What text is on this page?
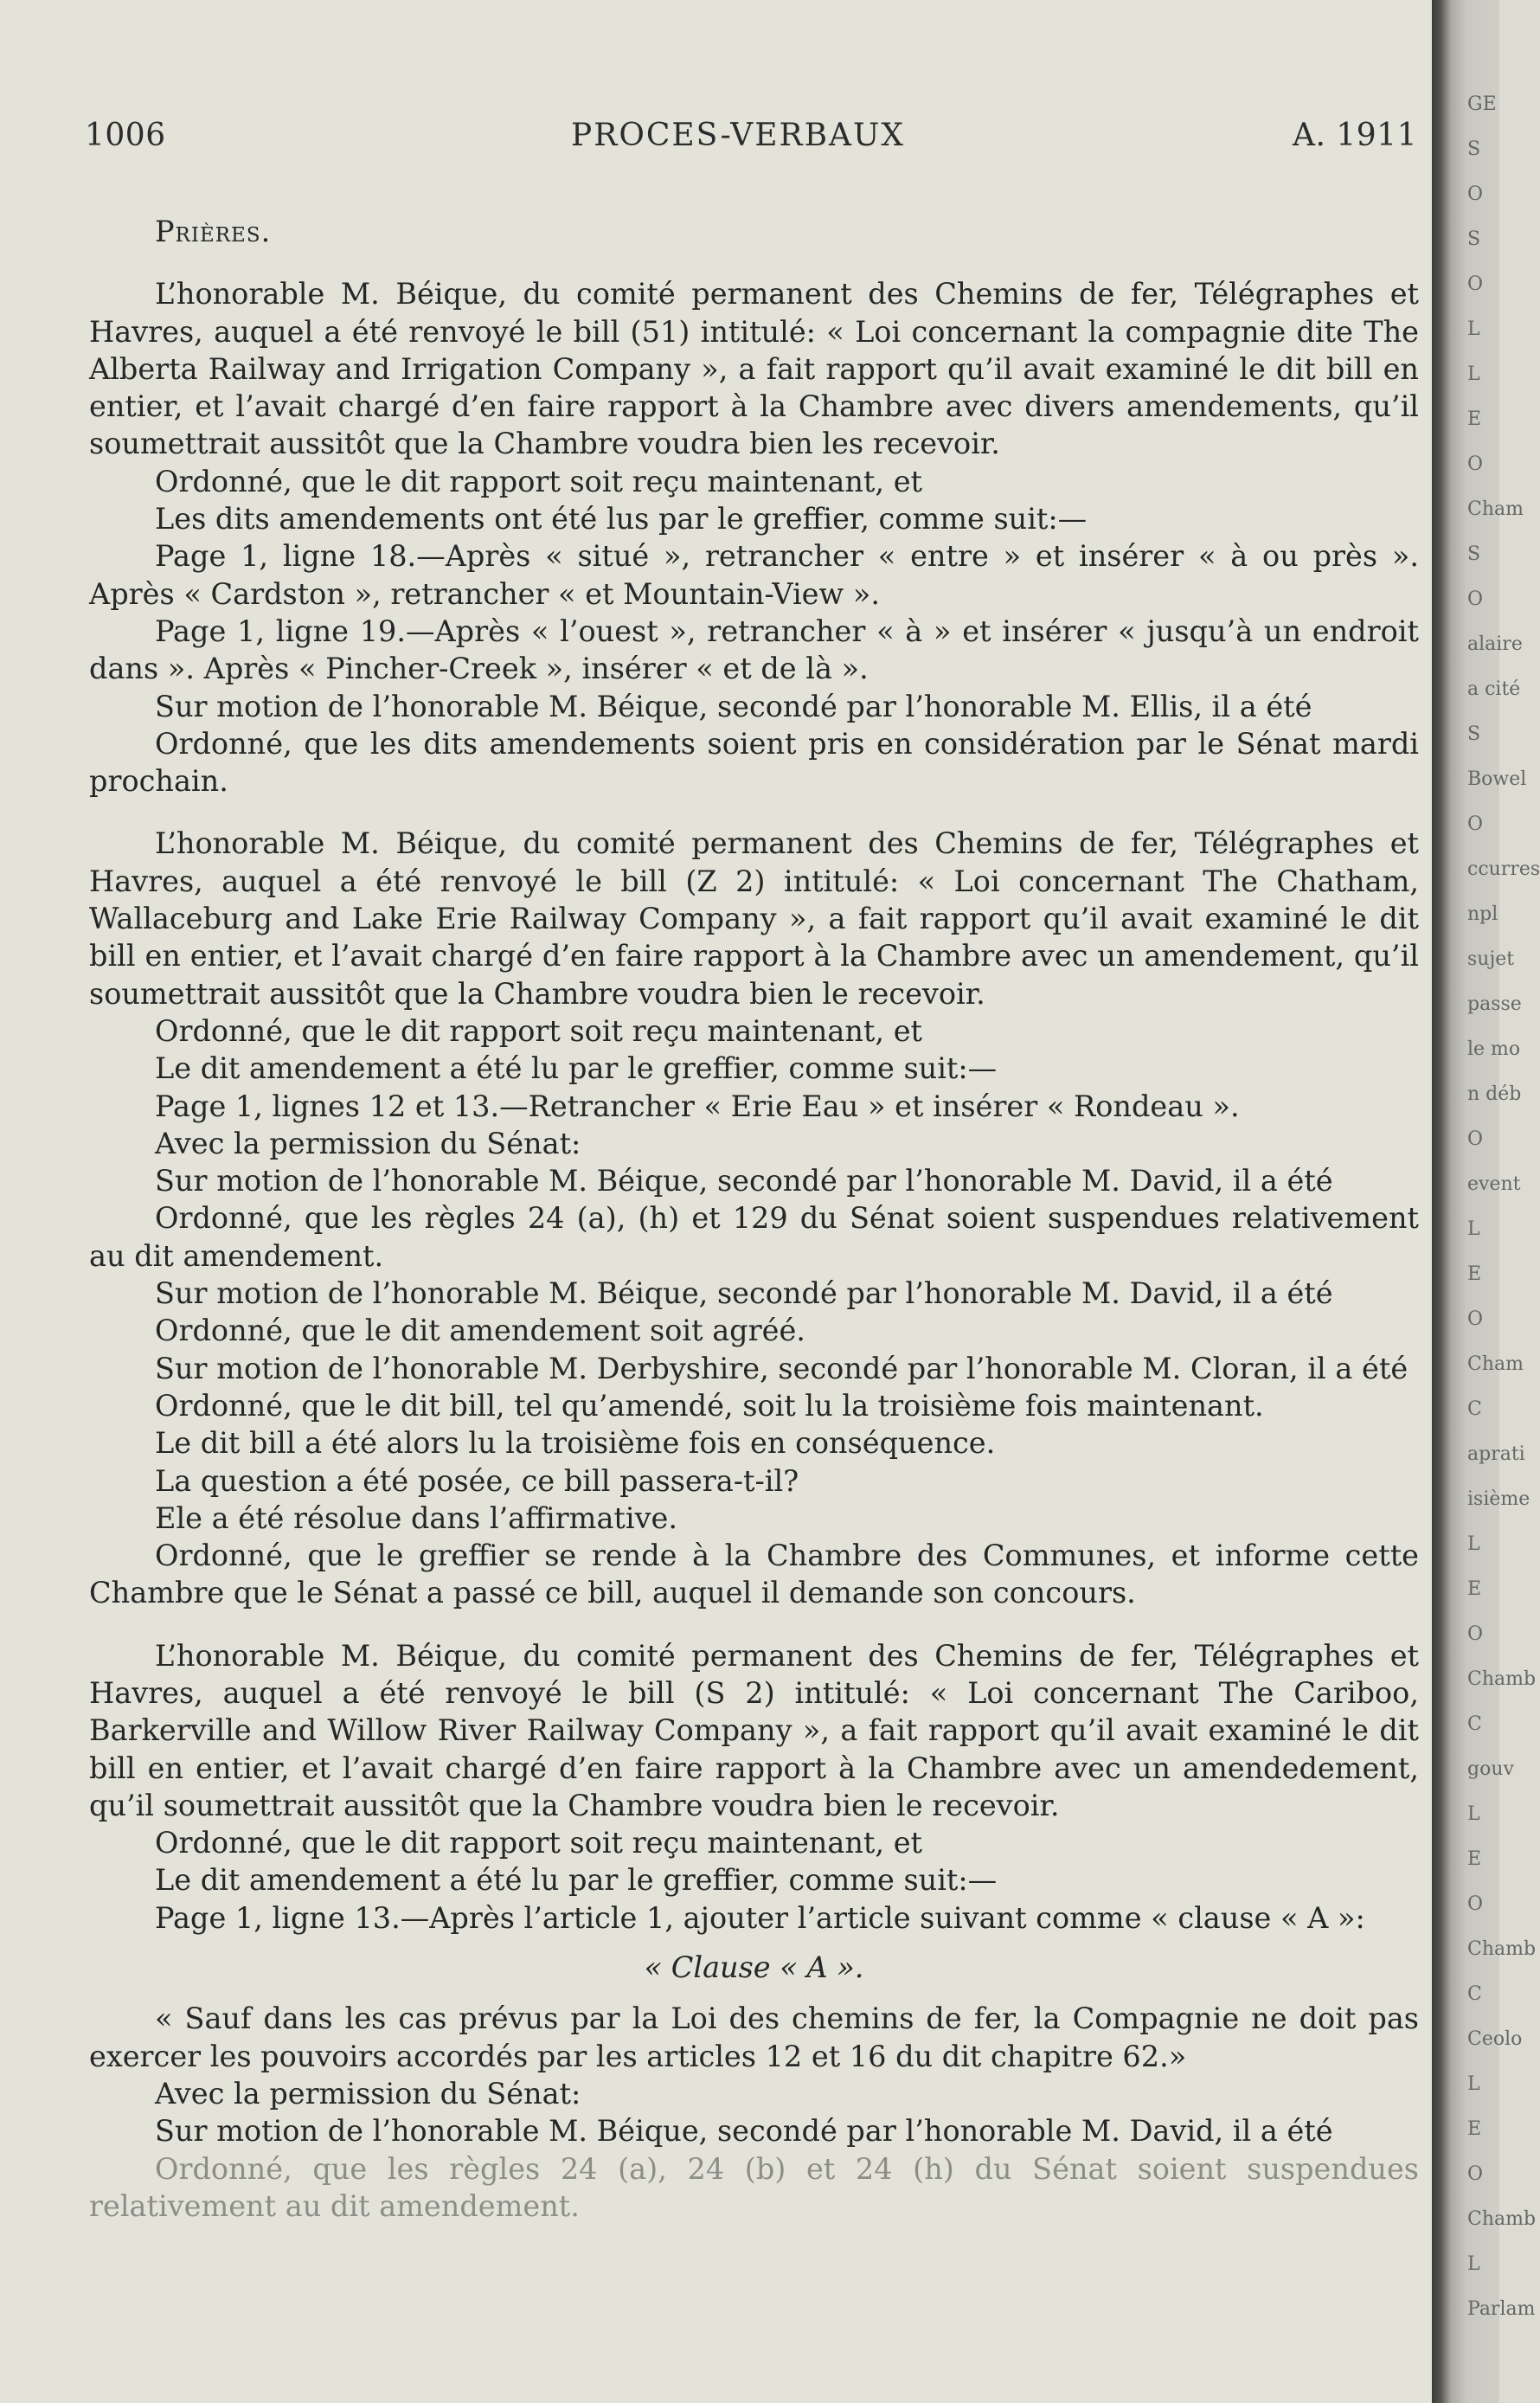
GE
S
O
S
O
L
L
E
O
Cham
S
O
alaire
a cité
S
Bowel
O
ccurres
npl
sujet
passe
le mo
n déb
O
event
L
E
O
Cham
C
aprati
isième
L
E
O
Chamb
C
gouv
L
E
O
Chamb
C
Ceolo
L
E
O
Chamb
L
Parlam
1006	PROCES-VERBAUX	A. 1911

Prières.

L’honorable M. Béique, du comité permanent des Chemins de fer, Télégraphes et Havres, auquel a été renvoyé le bill (51) intitulé: « Loi concernant la compagnie dite The Alberta Railway and Irrigation Company », a fait rapport qu’il avait examiné le dit bill en entier, et l’avait chargé d’en faire rapport à la Chambre avec divers amendements, qu’il soumettrait aussitôt que la Chambre voudra bien les recevoir.

Ordonné, que le dit rapport soit reçu maintenant, et

Les dits amendements ont été lus par le greffier, comme suit:—

Page 1, ligne 18.—Après « situé », retrancher « entre » et insérer « à ou près ». Après « Cardston », retrancher « et Mountain-View ».

Page 1, ligne 19.—Après « l’ouest », retrancher « à » et insérer « jusqu’à un endroit dans ». Après « Pincher-Creek », insérer « et de là ».

Sur motion de l’honorable M. Béique, secondé par l’honorable M. Ellis, il a été

Ordonné, que les dits amendements soient pris en considération par le Sénat mardi prochain.

L’honorable M. Béique, du comité permanent des Chemins de fer, Télégraphes et Havres, auquel a été renvoyé le bill (Z 2) intitulé: « Loi concernant The Chatham, Wallaceburg and Lake Erie Railway Company », a fait rapport qu’il avait examiné le dit bill en entier, et l’avait chargé d’en faire rapport à la Chambre avec un amendement, qu’il soumettrait aussitôt que la Chambre voudra bien le recevoir.

Ordonné, que le dit rapport soit reçu maintenant, et

Le dit amendement a été lu par le greffier, comme suit:—

Page 1, lignes 12 et 13.—Retrancher « Erie Eau » et insérer « Rondeau ».

Avec la permission du Sénat:

Sur motion de l’honorable M. Béique, secondé par l’honorable M. David, il a été

Ordonné, que les règles 24 (a), (h) et 129 du Sénat soient suspendues relativement au dit amendement.

Sur motion de l’honorable M. Béique, secondé par l’honorable M. David, il a été

Ordonné, que le dit amendement soit agréé.

Sur motion de l’honorable M. Derbyshire, secondé par l’honorable M. Cloran, il a été

Ordonné, que le dit bill, tel qu’amendé, soit lu la troisième fois maintenant.

Le dit bill a été alors lu la troisième fois en conséquence.

La question a été posée, ce bill passera-t-il?

Ele a été résolue dans l’affirmative.

Ordonné, que le greffier se rende à la Chambre des Communes, et informe cette Chambre que le Sénat a passé ce bill, auquel il demande son concours.

L’honorable M. Béique, du comité permanent des Chemins de fer, Télégraphes et Havres, auquel a été renvoyé le bill (S 2) intitulé: « Loi concernant The Cariboo, Barkerville and Willow River Railway Company », a fait rapport qu’il avait examiné le dit bill en entier, et l’avait chargé d’en faire rapport à la Chambre avec un amendedement, qu’il soumettrait aussitôt que la Chambre voudra bien le recevoir.

Ordonné, que le dit rapport soit reçu maintenant, et

Le dit amendement a été lu par le greffier, comme suit:—

Page 1, ligne 13.—Après l’article 1, ajouter l’article suivant comme « clause « A »:

« Clause « A ».

« Sauf dans les cas prévus par la Loi des chemins de fer, la Compagnie ne doit pas exercer les pouvoirs accordés par les articles 12 et 16 du dit chapitre 62.»

Avec la permission du Sénat:

Sur motion de l’honorable M. Béique, secondé par l’honorable M. David, il a été

Ordonné, que les règles 24 (a), 24 (b) et 24 (h) du Sénat soient suspendues relativement au dit amendement.
